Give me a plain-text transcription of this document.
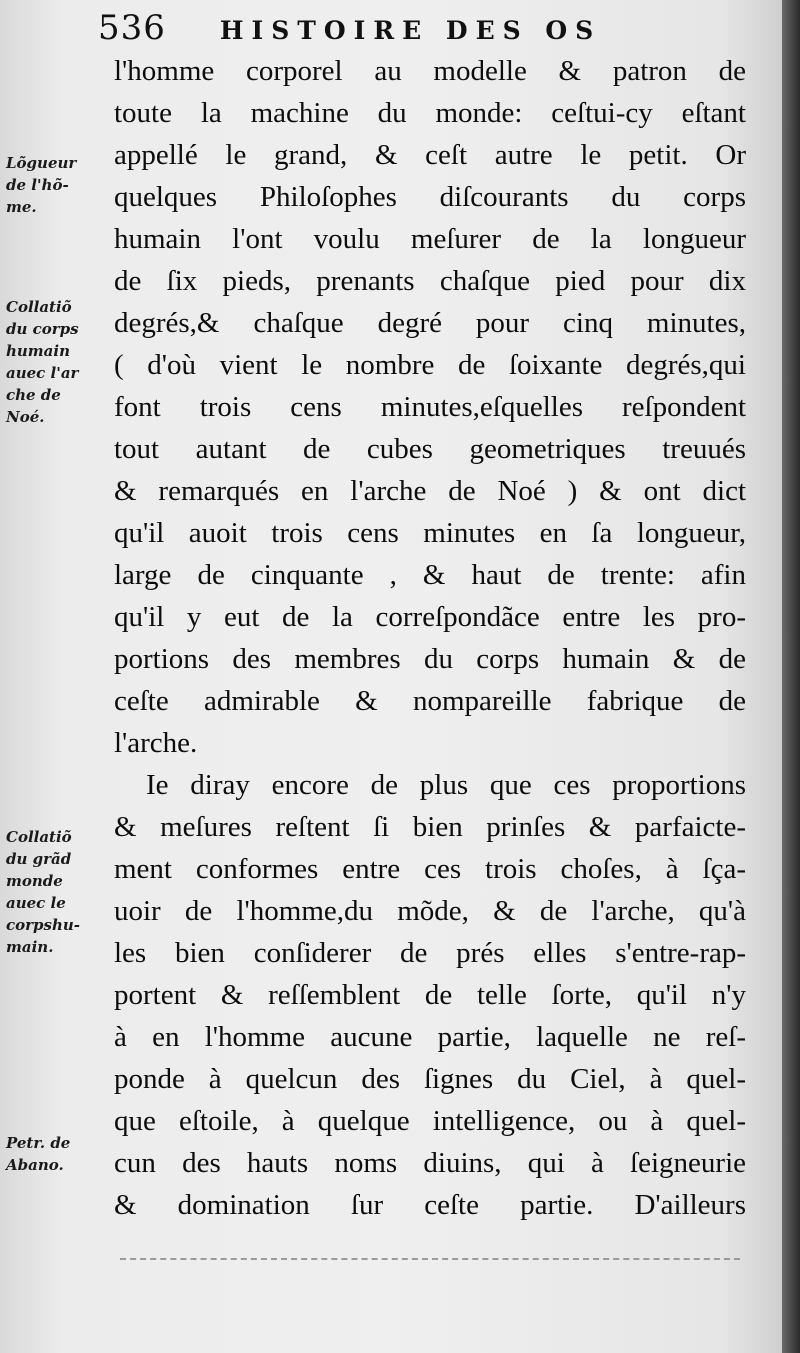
536 HISTOIRE DES OS
l'homme corporel au modelle & patron de
toute la machine du monde: ceſtui-cy eſtant
appellé le grand, & ceſt autre le petit. Or
quelques Philoſophes diſcourants du corps
humain l'ont voulu meſurer de la longueur
de ſix pieds, prenants chaſque pied pour dix
degrés,& chaſque degré pour cinq minutes,
( d'où vient le nombre de ſoixante degrés,qui
font trois cens minutes,eſquelles reſpondent
tout autant de cubes geometriques treuués
& remarqués en l'arche de Noé ) & ont dict
qu'il auoit trois cens minutes en ſa longueur,
large de cinquante , & haut de trente: afin
qu'il y eut de la correſpondãce entre les pro-
portions des membres du corps humain & de
ceſte admirable & nompareille fabrique de
l'arche.
Ie diray encore de plus que ces proportions
& meſures reſtent ſi bien prinſes & parfaicte-
ment conformes entre ces trois choſes, à ſça-
uoir de l'homme,du mõde, & de l'arche, qu'à
les bien conſiderer de prés elles s'entre-rap-
portent & reſſemblent de telle ſorte, qu'il n'y
à en l'homme aucune partie, laquelle ne reſ-
ponde à quelcun des ſignes du Ciel, à quel-
que eſtoile, à quelque intelligence, ou à quel-
cun des hauts noms diuins, qui à ſeigneurie
& domination ſur ceſte partie. D'ailleurs
Lõgueur
de l'hõ-
me.
Collatiõ
du corps
humain
auec l'ar
che de
Noé.
Collatiõ
du grãd
monde
auec le
corpshu-
main.
Petr. de
Abano.
